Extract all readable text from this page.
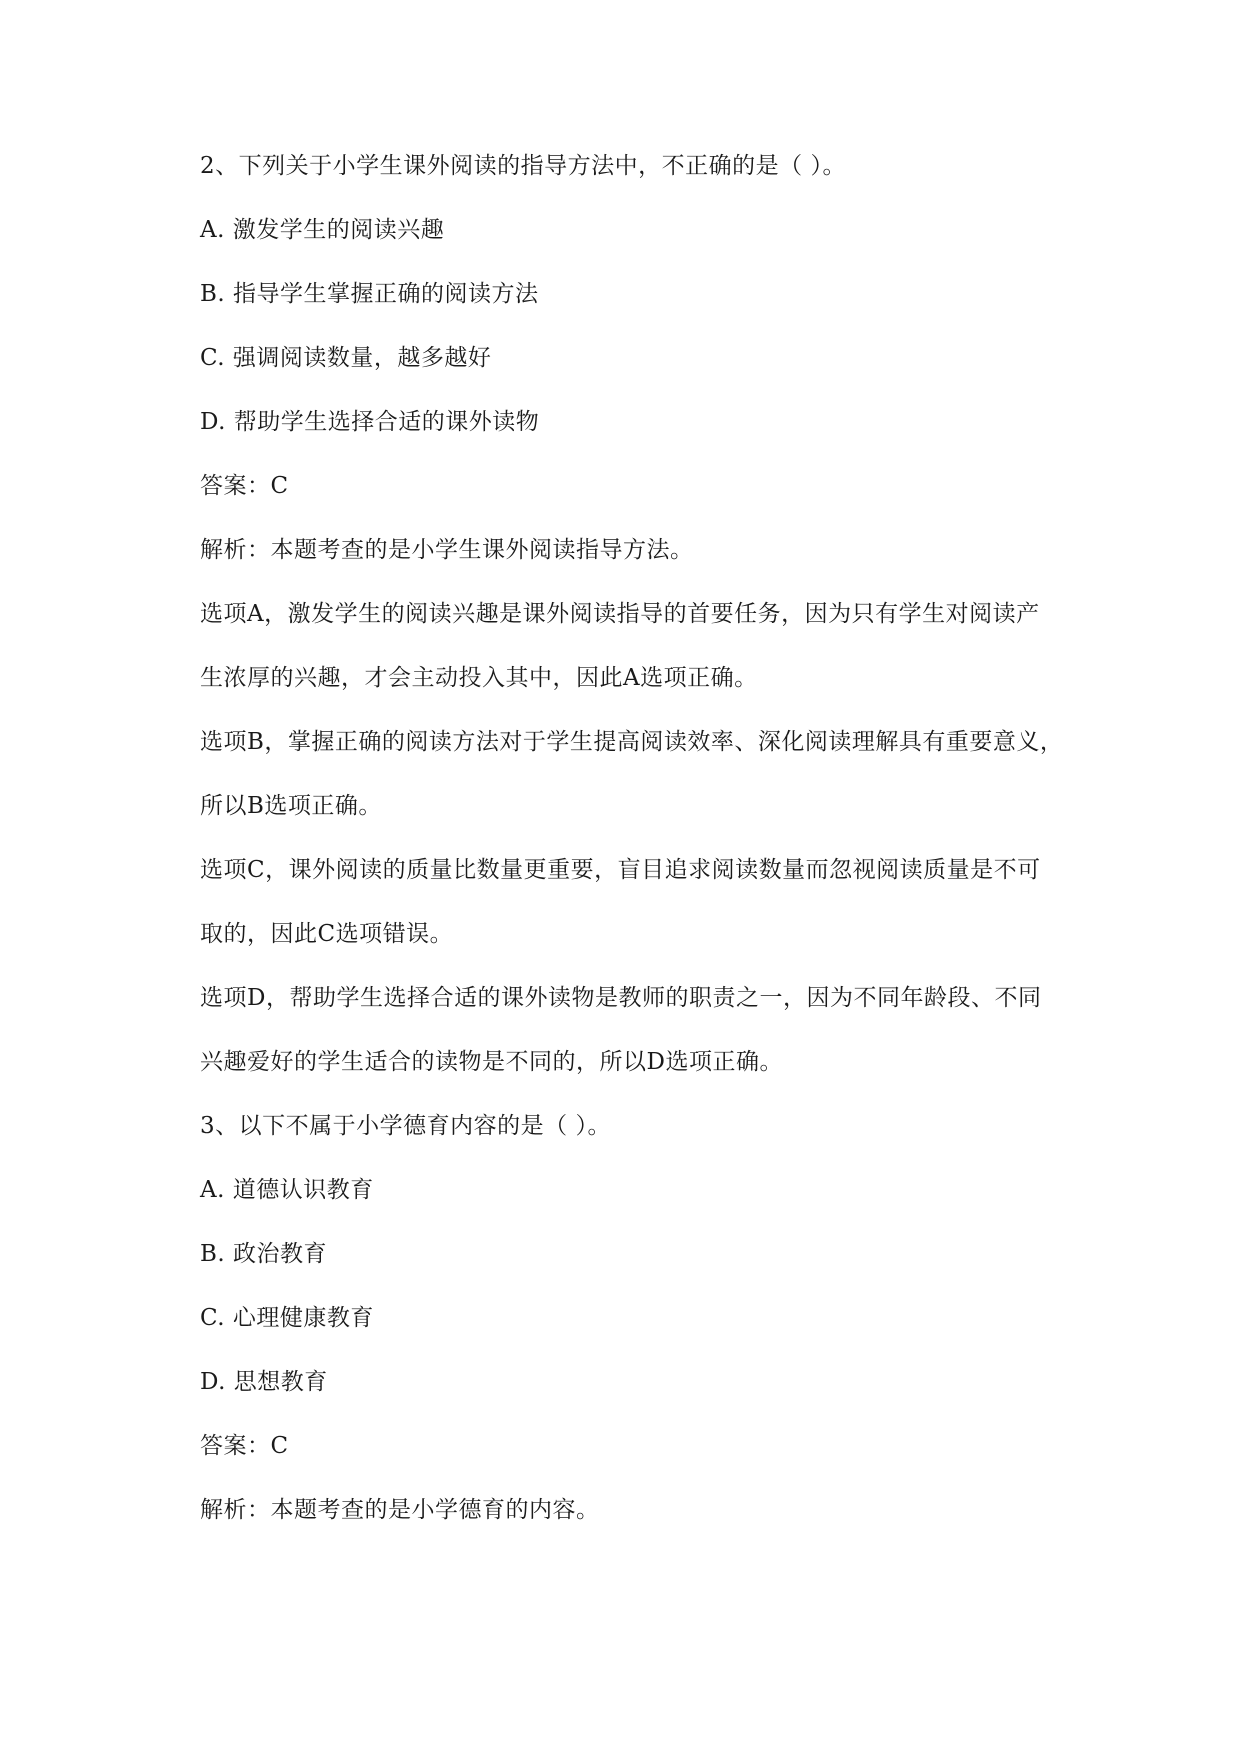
2、下列关于小学生课外阅读的指导方法中，不正确的是（ ）。
A. 激发学生的阅读兴趣
B. 指导学生掌握正确的阅读方法
C. 强调阅读数量，越多越好
D. 帮助学生选择合适的课外读物
答案：C
解析：本题考查的是小学生课外阅读指导方法。
选项A，激发学生的阅读兴趣是课外阅读指导的首要任务，因为只有学生对阅读产
生浓厚的兴趣，才会主动投入其中，因此A选项正确。
选项B，掌握正确的阅读方法对于学生提高阅读效率、深化阅读理解具有重要意义，
所以B选项正确。
选项C，课外阅读的质量比数量更重要，盲目追求阅读数量而忽视阅读质量是不可
取的，因此C选项错误。
选项D，帮助学生选择合适的课外读物是教师的职责之一，因为不同年龄段、不同
兴趣爱好的学生适合的读物是不同的，所以D选项正确。
3、以下不属于小学德育内容的是（ ）。
A. 道德认识教育
B. 政治教育
C. 心理健康教育
D. 思想教育
答案：C
解析：本题考查的是小学德育的内容。
